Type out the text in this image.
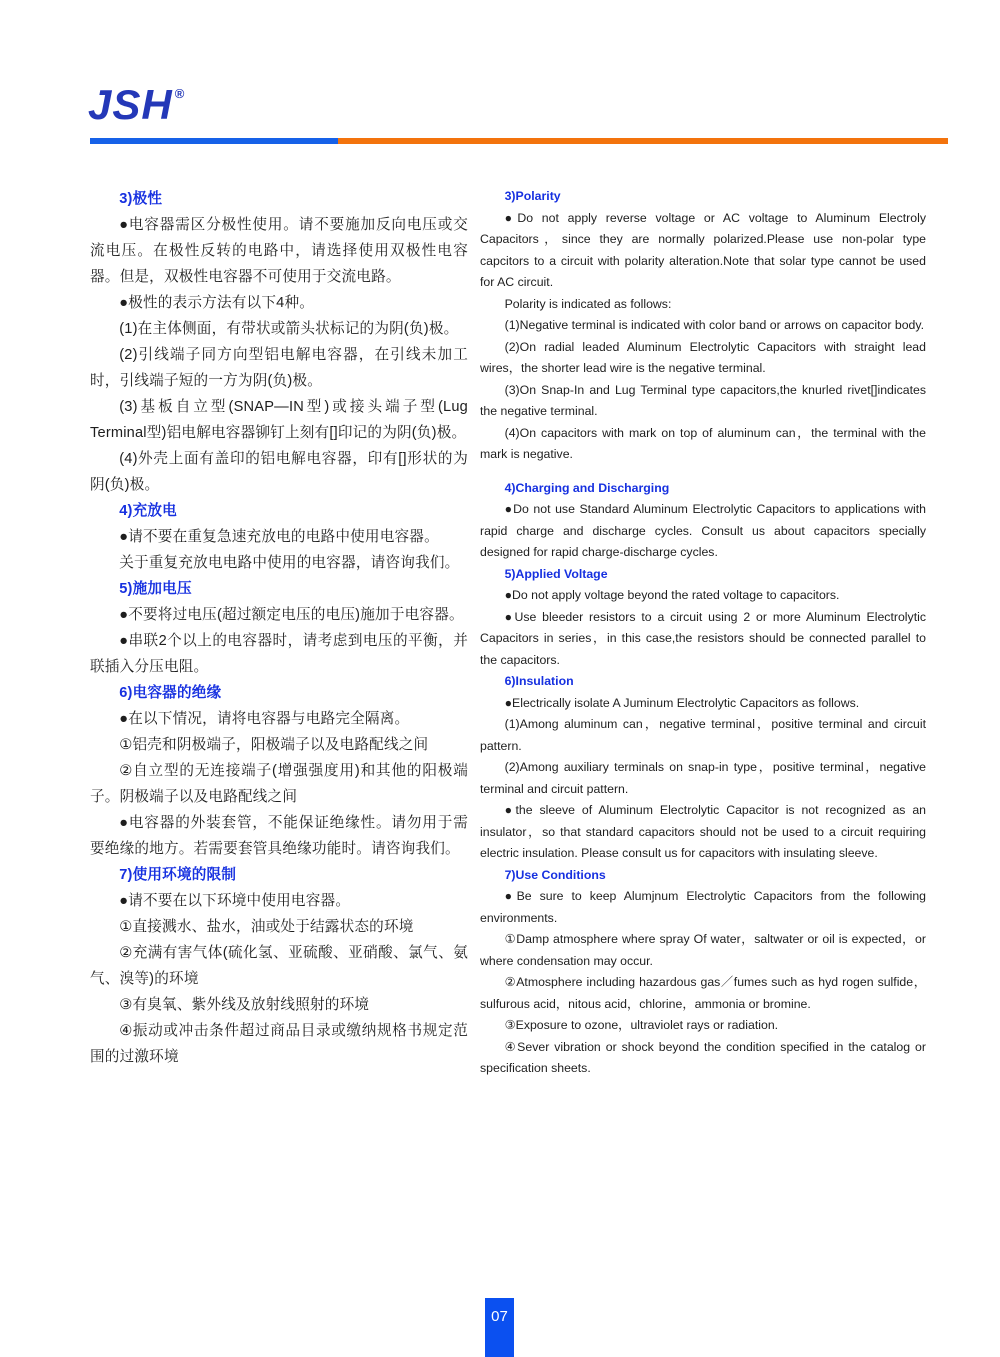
JSH ®
3)极性
●电容器需区分极性使用。请不要施加反向电压或交流电压。在极性反转的电路中，请选择使用双极性电容器。但是，双极性电容器不可使用于交流电路。
●极性的表示方法有以下4种。
(1)在主体侧面，有带状或箭头状标记的为阴(负)极。
(2)引线端子同方向型铝电解电容器，在引线未加工时，引线端子短的一方为阴(负)极。
(3)基板自立型(SNAP—IN型)或接头端子型(Lug Terminal型)铝电解电容器铆钉上刻有[]印记的为阴(负)极。
(4)外壳上面有盖印的铝电解电容器，印有[]形状的为阴(负)极。
4)充放电
●请不要在重复急速充放电的电路中使用电容器。
关于重复充放电电路中使用的电容器，请咨询我们。
5)施加电压
●不要将过电压(超过额定电压的电压)施加于电容器。
●串联2个以上的电容器时，请考虑到电压的平衡，并联插入分压电阻。
6)电容器的绝缘
●在以下情况，请将电容器与电路完全隔离。
①铝壳和阴极端子，阳极端子以及电路配线之间
②自立型的无连接端子(增强强度用)和其他的阳极端子。阴极端子以及电路配线之间
●电容器的外装套管，不能保证绝缘性。请勿用于需要绝缘的地方。若需要套管具绝缘功能时。请咨询我们。
7)使用环境的限制
●请不要在以下环境中使用电容器。
①直接溅水、盐水，油或处于结露状态的环境
②充满有害气体(硫化氢、亚硫酸、亚硝酸、氯气、氨气、溴等)的环境
③有臭氧、紫外线及放射线照射的环境
④振动或冲击条件超过商品目录或缴纳规格书规定范围的过激环境
3)Polarity
●Do not apply reverse voltage or AC voltage to Aluminum Electroly Capacitors，since they are normally polarized.Please use non-polar type capcitors to a circuit with polarity alteration.Note that solar type cannot be used for AC circuit.
Polarity is indicated as follows:
(1)Negative terminal is indicated with color band or arrows on capacitor body.
(2)On radial leaded Aluminum Electrolytic Capacitors with straight lead wires，the shorter lead wire is the negative terminal.
(3)On Snap-In and Lug Terminal type capacitors,the knurled rivet[]indicates the negative terminal.
(4)On capacitors with mark on top of aluminum can，the terminal with the mark is negative.
4)Charging and Discharging
●Do not use Standard Aluminum Electrolytic Capacitors to applications with rapid charge and discharge cycles. Consult us about capacitors specially designed for rapid charge-discharge cycles.
5)Applied Voltage
●Do not apply voltage beyond the rated voltage to capacitors.
●Use bleeder resistors to a circuit using 2 or more Aluminum Electrolytic Capacitors in series，in this case,the resistors should be connected parallel to the capacitors.
6)Insulation
●Electrically isolate A Juminum Electrolytic Capacitors as follows.
(1)Among aluminum can，negative terminal，positive terminal and circuit pattern.
(2)Among auxiliary terminals on snap-in type，positive terminal，negative terminal and circuit pattern.
●the sleeve of Aluminum Electrolytic Capacitor is not recognized as an insulator，so that standard capacitors should not be used to a circuit requiring electric insulation. Please consult us for capacitors with insulating sleeve.
7)Use Conditions
●Be sure to keep Alumjnum Electrolytic Capacitors from the following environments.
①Damp atmosphere where spray Of water，saltwater or oil is expected，or where condensation may occur.
②Atmosphere including hazardous gas／fumes such as hyd rogen sulfide，sulfurous acid，nitous acid，chlorine，ammonia or bromine.
③Exposure to ozone，ultraviolet rays or radiation.
④Sever vibration or shock beyond the condition specified in the catalog or specification sheets.
07
